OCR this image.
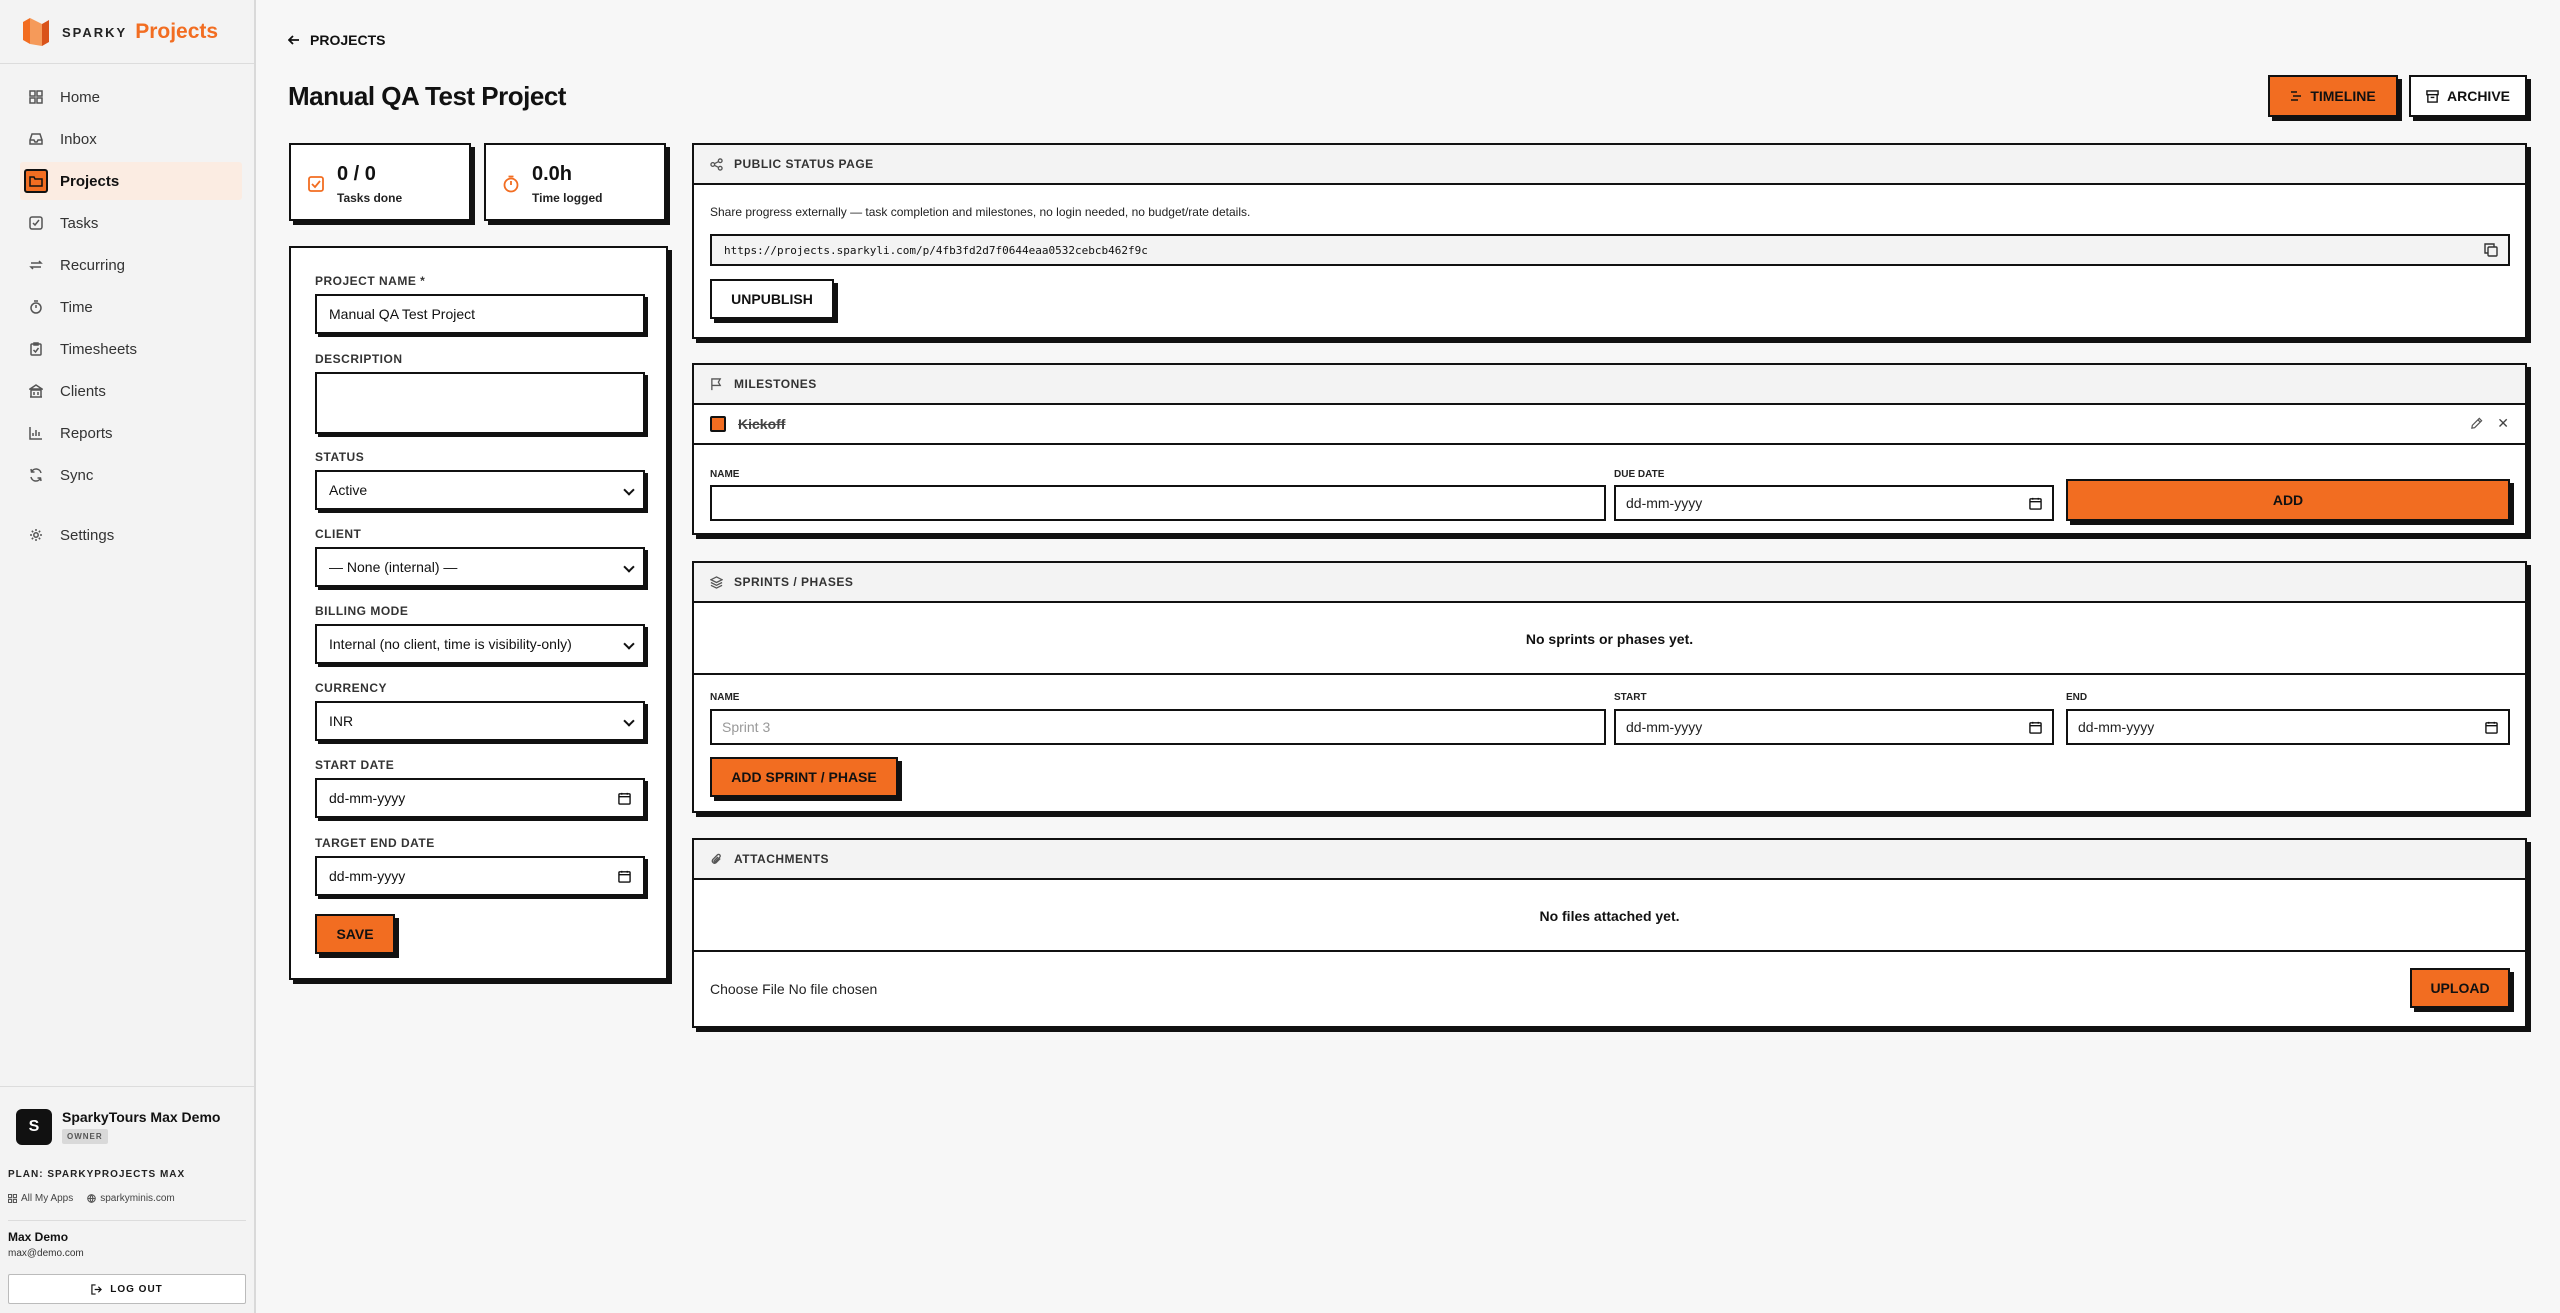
SPARKY Projects
Home
Inbox
Projects
Tasks
Recurring
Time
Timesheets
Clients
Reports
Sync
Settings
S
SparkyTours Max Demo
OWNER
PLAN: SPARKYPROJECTS MAX
All My Apps	sparkyminis.com
Max Demo
max@demo.com
LOG OUT
PROJECTS
Manual QA Test Project	TIMELINE	ARCHIVE
0 / 0
Tasks done
0.0h
Time logged
PROJECT NAME *
Manual QA Test Project
DESCRIPTION
STATUS
Active
CLIENT
— None (internal) —
BILLING MODE
Internal (no client, time is visibility-only)
CURRENCY
INR
START DATE
dd-mm-yyyy
TARGET END DATE
dd-mm-yyyy
SAVE
PUBLIC STATUS PAGE
Share progress externally — task completion and milestones, no login needed, no budget/rate details.
https://projects.sparkyli.com/p/4fb3fd2d7f0644eaa0532cebcb462f9c
UNPUBLISH
MILESTONES
Kickoff	✕
NAME	DUE DATE
dd-mm-yyyy	ADD
SPRINTS / PHASES
No sprints or phases yet.
NAME
Sprint 3
START
dd-mm-yyyy
END
dd-mm-yyyy
ADD SPRINT / PHASE
ATTACHMENTS
No files attached yet.
Choose File No file chosen	UPLOAD
